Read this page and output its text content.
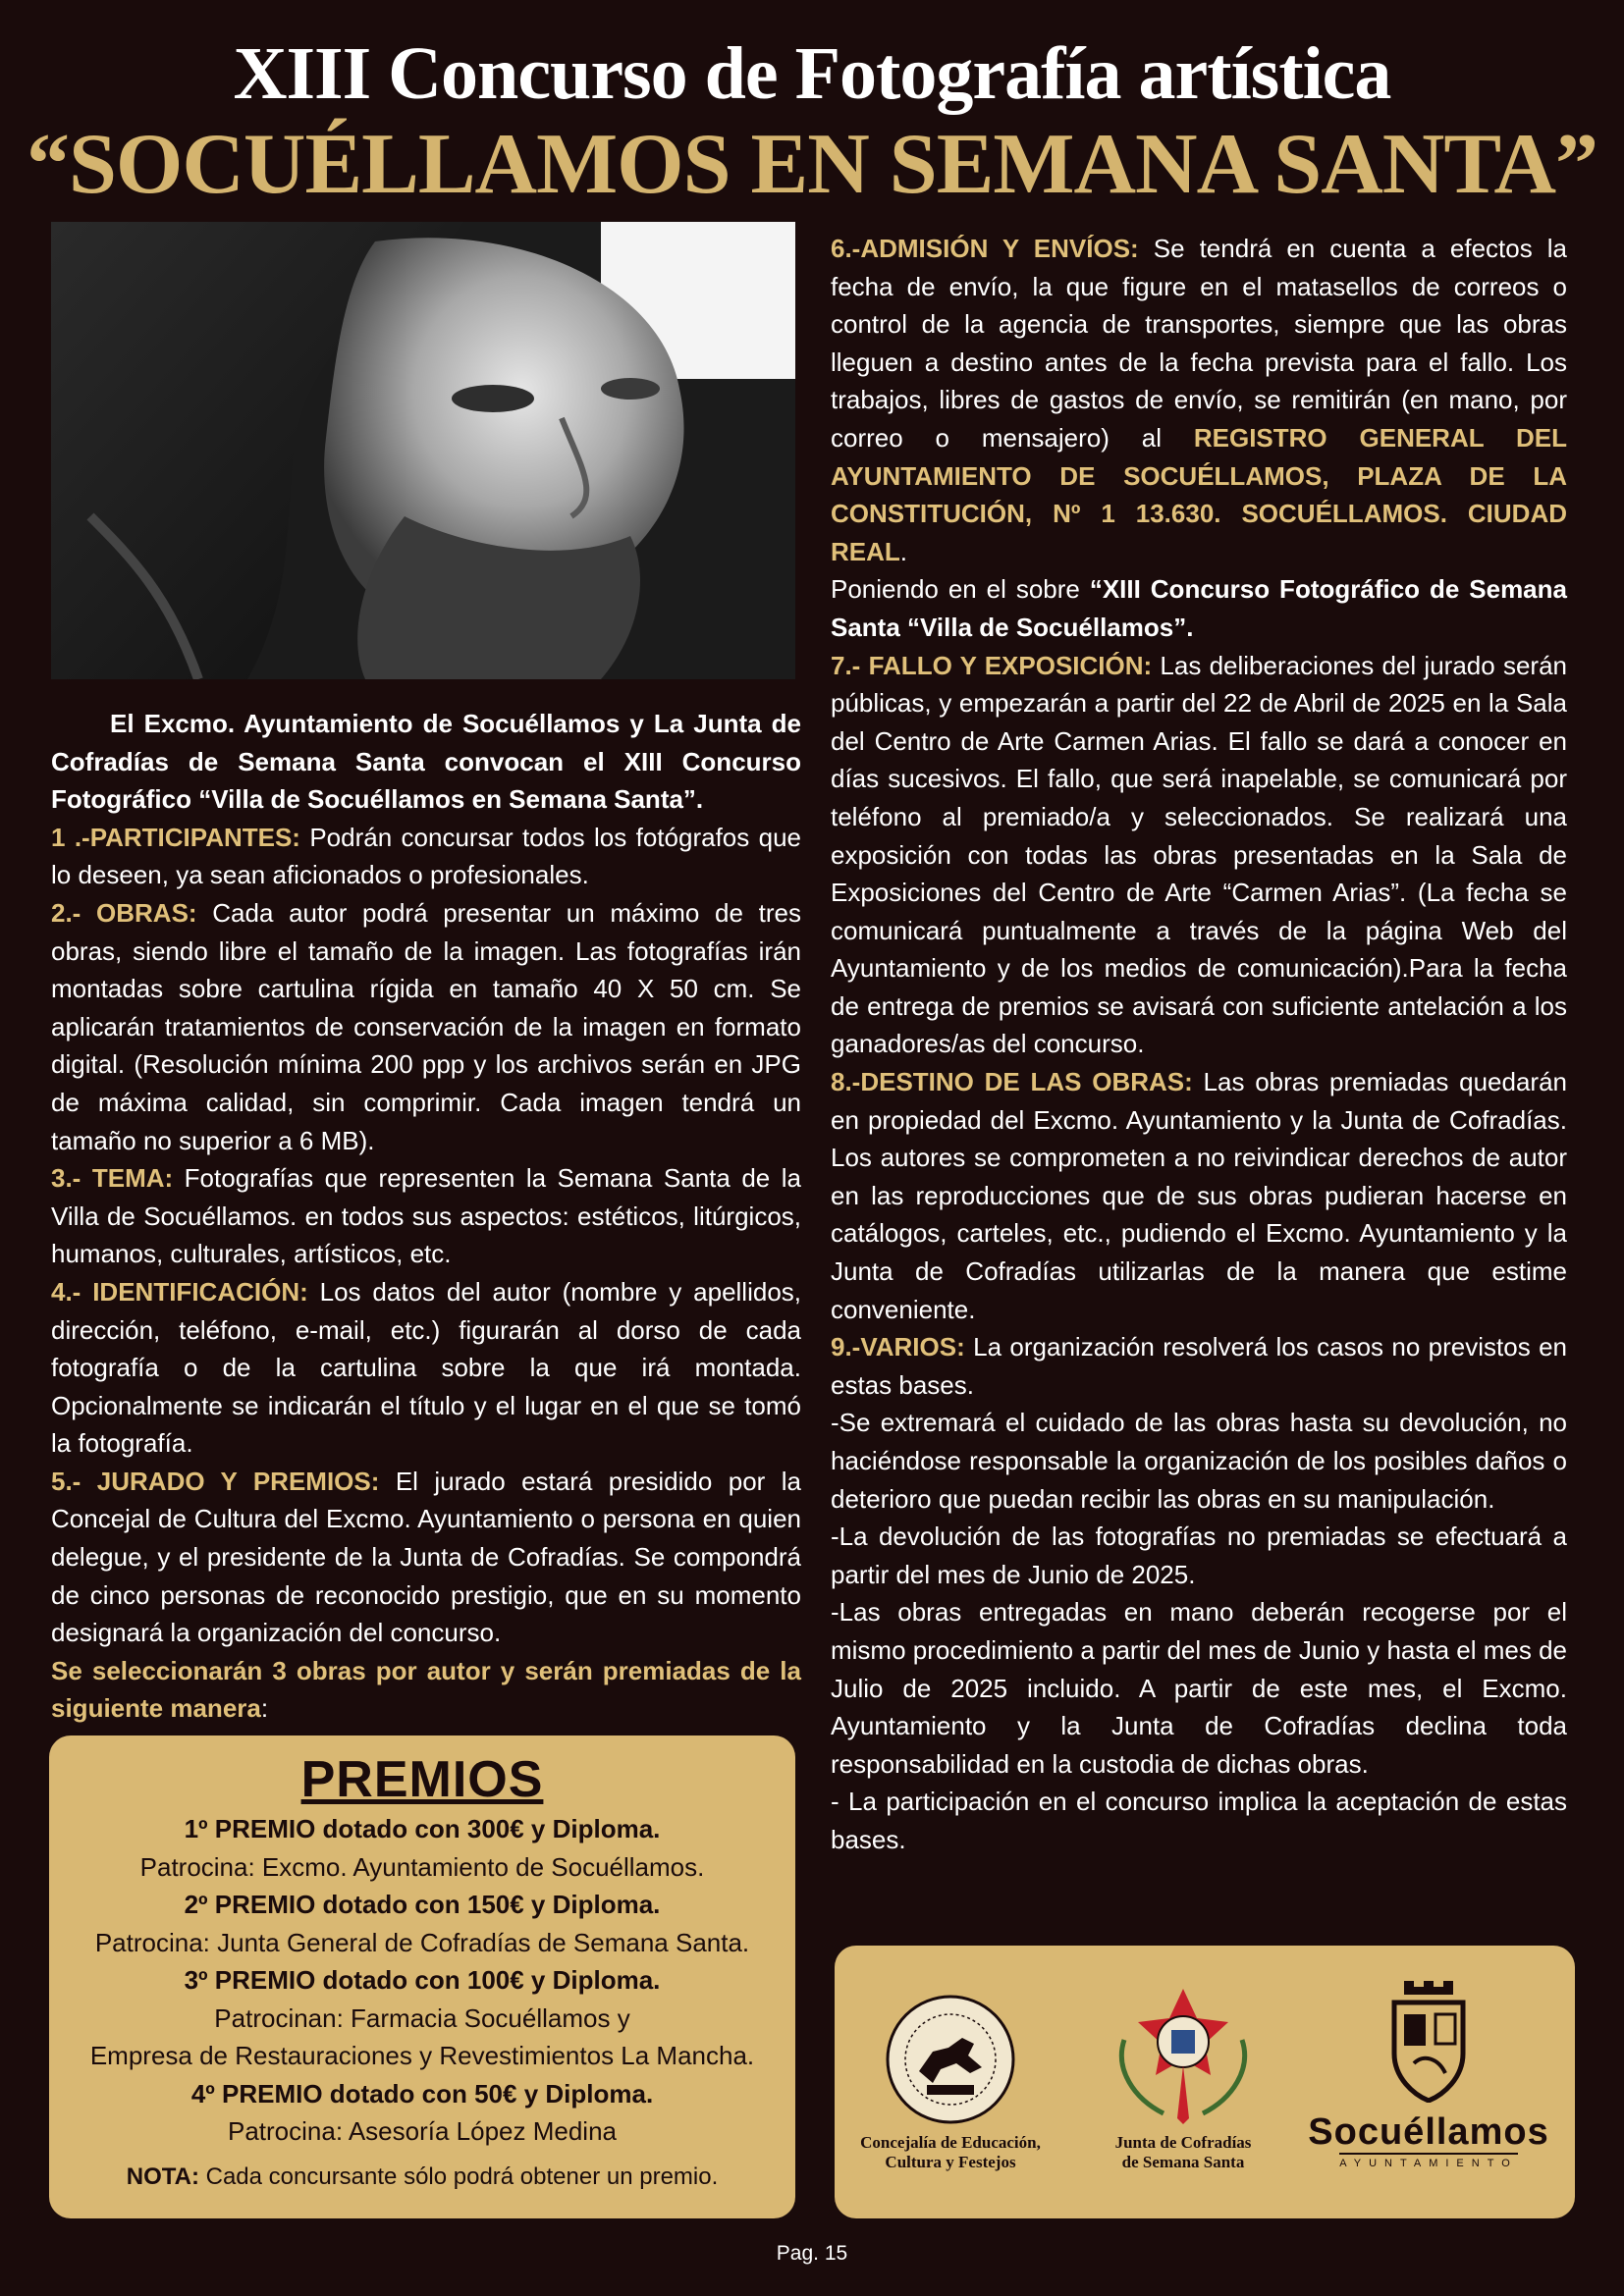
XIII Concurso de Fotografía artística
“SOCUÉLLAMOS EN SEMANA SANTA”

El Excmo. Ayuntamiento de Socuéllamos y La Junta de Cofradías de Semana Santa convocan el XIII Concurso Fotográfico “Villa de Socuéllamos en Semana Santa”.

1 .-PARTICIPANTES: Podrán concursar todos los fotógrafos que lo deseen, ya sean aficionados o profesionales.

2.- OBRAS: Cada autor podrá presentar un máximo de tres obras, siendo libre el tamaño de la imagen. Las fotografías irán montadas sobre cartulina rígida en tamaño 40 X 50 cm. Se aplicarán tratamientos de conservación de la imagen en formato digital. (Resolución mínima 200 ppp y los archivos serán en JPG de máxima calidad, sin comprimir. Cada imagen tendrá un tamaño no superior a 6 MB).

3.- TEMA: Fotografías que representen la Semana Santa de la Villa de Socuéllamos. en todos sus aspectos: estéticos, litúrgicos, humanos, culturales, artísticos, etc.

4.- IDENTIFICACIÓN: Los datos del autor (nombre y apellidos, dirección, teléfono, e-mail, etc.) figurarán al dorso de cada fotografía o de la cartulina sobre la que irá montada. Opcionalmente se indicarán el título y el lugar en el que se tomó la fotografía.

5.- JURADO Y PREMIOS: El jurado estará presidido por la Concejal de Cultura del Excmo. Ayuntamiento o persona en quien delegue, y el presidente de la Junta de Cofradías. Se compondrá de cinco personas de reconocido prestigio, que en su momento designará la organización del concurso.

Se seleccionarán 3 obras por autor y serán premiadas de la siguiente manera:

PREMIOS
1º PREMIO dotado con 300€ y Diploma.
Patrocina: Excmo. Ayuntamiento de Socuéllamos.
2º PREMIO dotado con 150€ y Diploma.
Patrocina: Junta General de Cofradías de Semana Santa.
3º PREMIO dotado con 100€ y Diploma.
Patrocinan: Farmacia Socuéllamos y
Empresa de Restauraciones y Revestimientos La Mancha.
4º PREMIO dotado con 50€ y Diploma.
Patrocina: Asesoría López Medina
NOTA: Cada concursante sólo podrá obtener un premio.

6.-ADMISIÓN Y ENVÍOS: Se tendrá en cuenta a efectos la fecha de envío, la que figure en el matasellos de correos o control de la agencia de transportes, siempre que las obras lleguen a destino antes de la fecha prevista para el fallo. Los trabajos, libres de gastos de envío, se remitirán (en mano, por correo o mensajero) al REGISTRO GENERAL DEL AYUNTAMIENTO DE SOCUÉLLAMOS, PLAZA DE LA CONSTITUCIÓN, Nº 1 13.630. SOCUÉLLAMOS. CIUDAD REAL.

Poniendo en el sobre “XIII Concurso Fotográfico de Semana Santa “Villa de Socuéllamos”.

7.- FALLO Y EXPOSICIÓN: Las deliberaciones del jurado serán públicas, y empezarán a partir del 22 de Abril de 2025 en la Sala del Centro de Arte Carmen Arias. El fallo se dará a conocer en días sucesivos. El fallo, que será inapelable, se comunicará por teléfono al premiado/a y seleccionados. Se realizará una exposición con todas las obras presentadas en la Sala de Exposiciones del Centro de Arte “Carmen Arias”. (La fecha se comunicará puntualmente a través de la página Web del Ayuntamiento y de los medios de comunicación).Para la fecha de entrega de premios se avisará con suficiente antelación a los ganadores/as del concurso.

8.-DESTINO DE LAS OBRAS: Las obras premiadas quedarán en propiedad del Excmo. Ayuntamiento y la Junta de Cofradías. Los autores se comprometen a no reivindicar derechos de autor en las reproducciones que de sus obras pudieran hacerse en catálogos, carteles, etc., pudiendo el Excmo. Ayuntamiento y la Junta de Cofradías utilizarlas de la manera que estime conveniente.

9.-VARIOS: La organización resolverá los casos no previstos en estas bases.

-Se extremará el cuidado de las obras hasta su devolución, no haciéndose responsable la organización de los posibles daños o deterioro que puedan recibir las obras en su manipulación.

-La devolución de las fotografías no premiadas se efectuará a partir del mes de Junio de 2025.

-Las obras entregadas en mano deberán recogerse por el mismo procedimiento a partir del mes de Junio y hasta el mes de Julio de 2025 incluido. A partir de este mes, el Excmo. Ayuntamiento y la Junta de Cofradías declina toda responsabilidad en la custodia de dichas obras.

- La participación en el concurso implica la aceptación de estas bases.

Concejalía de Educación,
Cultura y Festejos
Junta de Cofradías
de Semana Santa
Socuéllamos
AYUNTAMIENTO
Pag. 15
